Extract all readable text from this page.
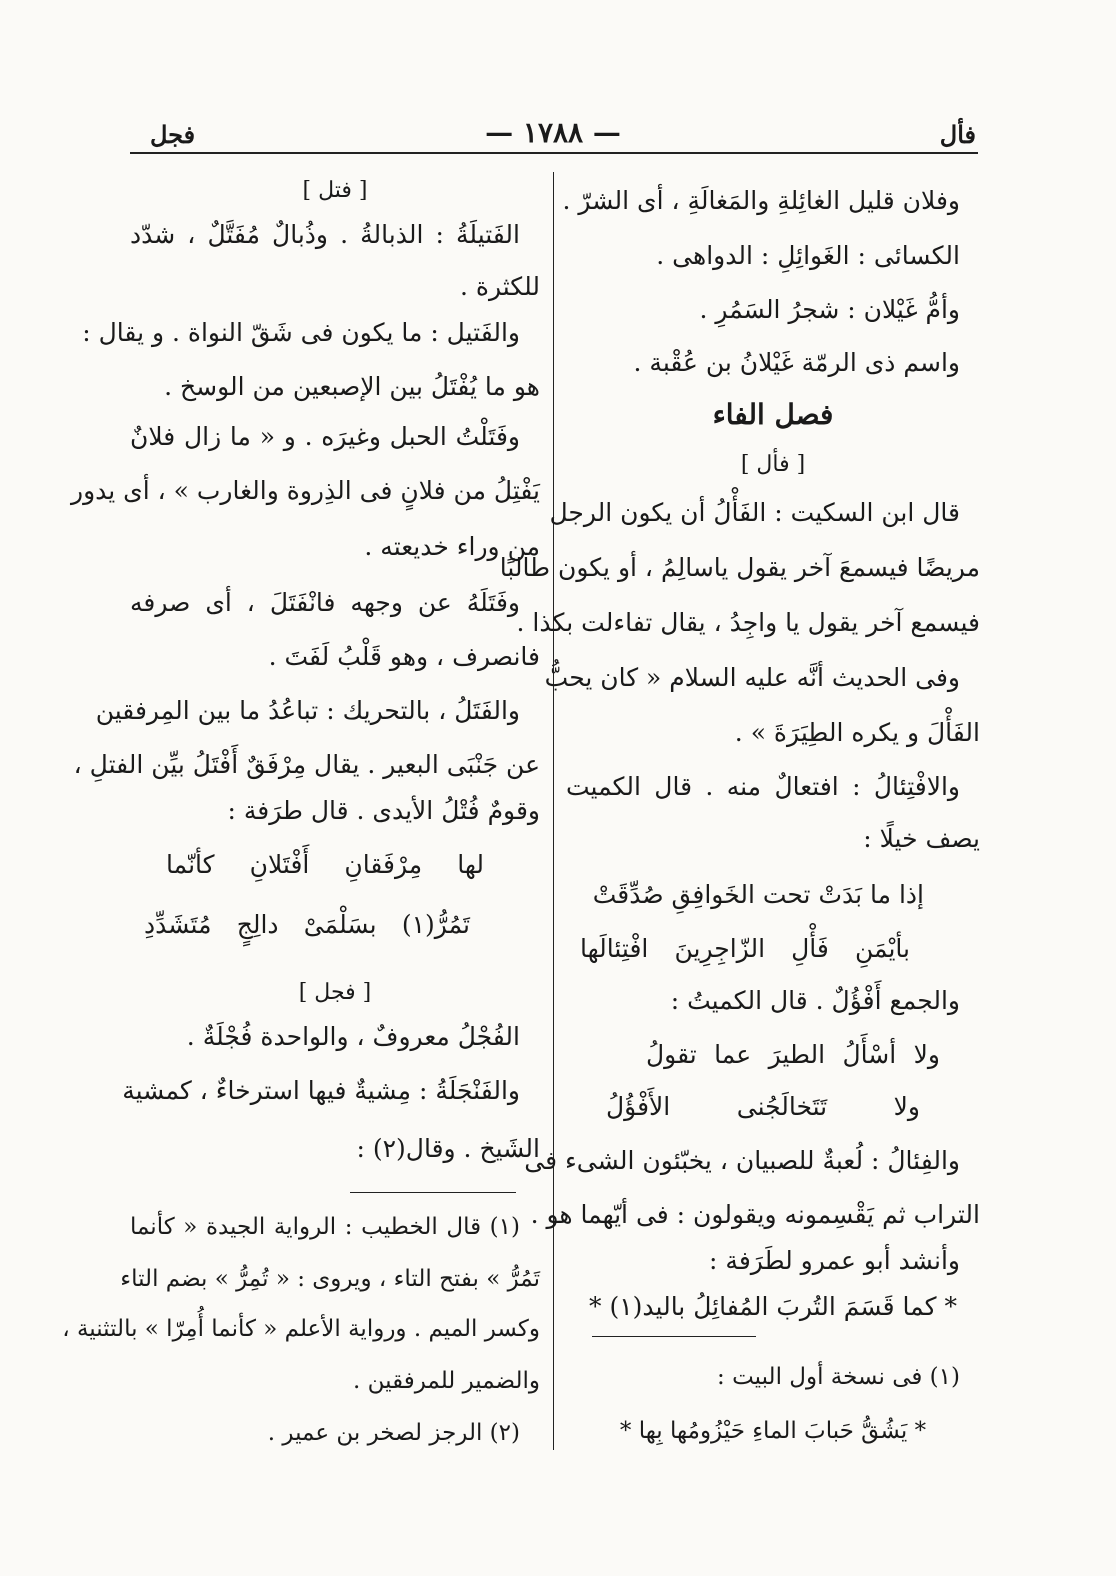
فأل
— ١٧٨٨ —
فجل
وفلان قليل الغائِلةِ والمَغالَةِ ، أى الشرّ .
الكسائى : الغَوائِلِ : الدواهى .
وأمُّ غَيْلان : شجرُ السَمُرِ .
واسم ذى الرمّة غَيْلانُ بن عُقْبة .
فصل الفاء
[ فأل ]
قال ابن السكيت : الفَأْلُ أن يكون الرجل
مريضًا فيسمعَ آخر يقول ياسالِمُ ، أو يكون طالبًا
فيسمع آخر يقول يا واجِدُ ، يقال تفاءلت بكذا .
وفى الحديث أنَّه عليه السلام « كان يحبُّ
الفَأْلَ و يكره الطِيَرَةَ » .
والافْتِئالُ : افتعالٌ منه . قال الكميت
يصف خيلًا :
إذا ما بَدَتْ تحت الخَوافِقِ صُدِّقَتْ
بأيْمَنِ فَأْلِ الزّاجِرِينَ افْتِئالَها
والجمع أَفْؤُلٌ . قال الكميتُ :
ولا أسْأَلُ الطيرَ عما تقولُ
ولا تَتَخالَجُنى الأَفْؤُلُ
والفِئالُ : لُعبةٌ للصبيان ، يخبّئون الشىء فى
التراب ثم يَقْسِمونه ويقولون : فى أيّهما هو .
وأنشد أبو عمرو لطَرَفة :
* كما قَسَمَ التُربَ المُفائِلُ باليد(١) *
(١) فى نسخة أول البيت :
* يَشُقُّ حَبابَ الماءِ حَيْزُومُها بِها *
[ فتل ]
الفَتيلَةُ : الذبالةُ . وذُبالٌ مُفَتَّلٌ ، شدّد
للكثرة .
والفَتيل : ما يكون فى شَقّ النواة . و يقال :
هو ما يُفْتَلُ بين الإصبعين من الوسخ .
وفَتَلْتُ الحبل وغيرَه . و « ما زال فلانٌ
يَفْتِلُ من فلانٍ فى الذِروة والغارب » ، أى يدور
من وراء خديعته .
وفَتَلَهُ عن وجهه فانْفَتَلَ ، أى صرفه
فانصرف ، وهو قَلْبُ لَفَتَ .
والفَتَلُ ، بالتحريك : تباعُدُ ما بين المِرفقين
عن جَنْبَى البعير . يقال مِرْفَقٌ أَفْتَلُ بيِّن الفتلِ ،
وقومٌ فُتْلُ الأيدى . قال طرَفة :
لها مِرْفَقانِ أَفْتَلانِ كأنّما
تَمُرُّ(١) بسَلْمَىْ دالِجٍ مُتَشَدِّدِ
[ فجل ]
الفُجْلُ معروفٌ ، والواحدة فُجْلَةٌ .
والفَنْجَلَةُ : مِشيةٌ فيها استرخاءٌ ، كمشية
الشَيخ . وقال(٢) :
(١) قال الخطيب : الرواية الجيدة « كأنما
تَمُرُّ » بفتح التاء ، ويروى : « تُمِرُّ » بضم التاء
وكسر الميم . ورواية الأعلم « كأنما أُمِرّا » بالتثنية ،
والضمير للمرفقين .
(٢) الرجز لصخر بن عمير .
